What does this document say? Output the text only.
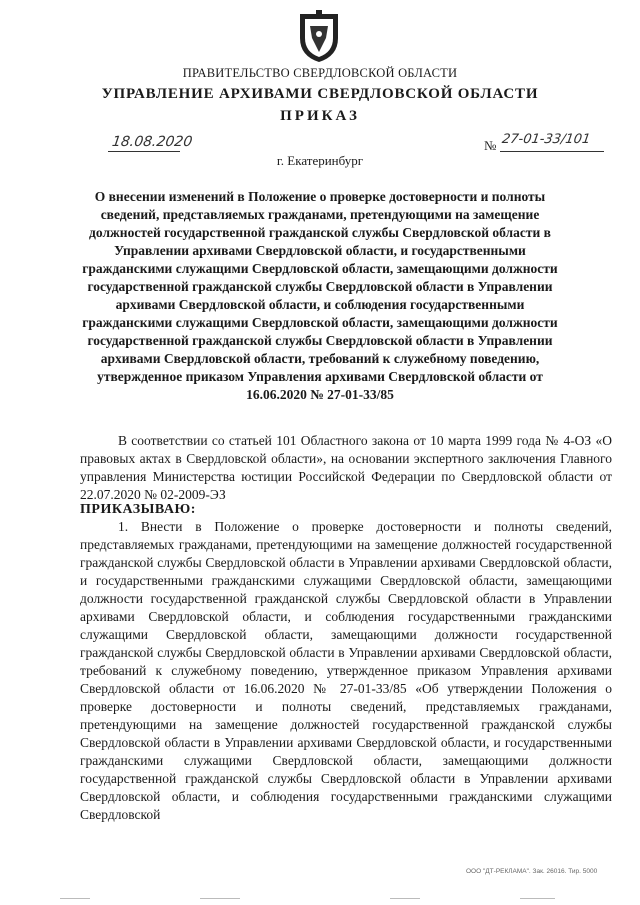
ПРАВИТЕЛЬСТВО СВЕРДЛОВСКОЙ ОБЛАСТИ
УПРАВЛЕНИЕ АРХИВАМИ СВЕРДЛОВСКОЙ ОБЛАСТИ
ПРИКАЗ
18.08.2020
г. Екатеринбург
№ 27-01-33/101
О внесении изменений в Положение о проверке достоверности и полноты сведений, представляемых гражданами, претендующими на замещение должностей государственной гражданской службы Свердловской области в Управлении архивами Свердловской области, и государственными гражданскими служащими Свердловской области, замещающими должности государственной гражданской службы Свердловской области в Управлении архивами Свердловской области, и соблюдения государственными гражданскими служащими Свердловской области, замещающими должности государственной гражданской службы Свердловской области в Управлении архивами Свердловской области, требований к служебному поведению, утвержденное приказом Управления архивами Свердловской области от 16.06.2020 № 27-01-33/85
В соответствии со статьей 101 Областного закона от 10 марта 1999 года № 4-ОЗ «О правовых актах в Свердловской области», на основании экспертного заключения Главного управления Министерства юстиции Российской Федерации по Свердловской области от 22.07.2020 № 02-2009-ЭЗ
ПРИКАЗЫВАЮ:
1. Внести в Положение о проверке достоверности и полноты сведений, представляемых гражданами, претендующими на замещение должностей государственной гражданской службы Свердловской области в Управлении архивами Свердловской области, и государственными гражданскими служащими Свердловской области, замещающими должности государственной гражданской службы Свердловской области в Управлении архивами Свердловской области, и соблюдения государственными гражданскими служащими Свердловской области, замещающими должности государственной гражданской службы Свердловской области в Управлении архивами Свердловской области, требований к служебному поведению, утвержденное приказом Управления архивами Свердловской области от 16.06.2020 № 27-01-33/85 «Об утверждении Положения о проверке достоверности и полноты сведений, представляемых гражданами, претендующими на замещение должностей государственной гражданской службы Свердловской области в Управлении архивами Свердловской области, и государственными гражданскими служащими Свердловской области, замещающими должности государственной гражданской службы Свердловской области в Управлении архивами Свердловской области, и соблюдения государственными гражданскими служащими Свердловской
ООО "ДТ-РЕКЛАМА". Зак. 26016. Тир. 5000
